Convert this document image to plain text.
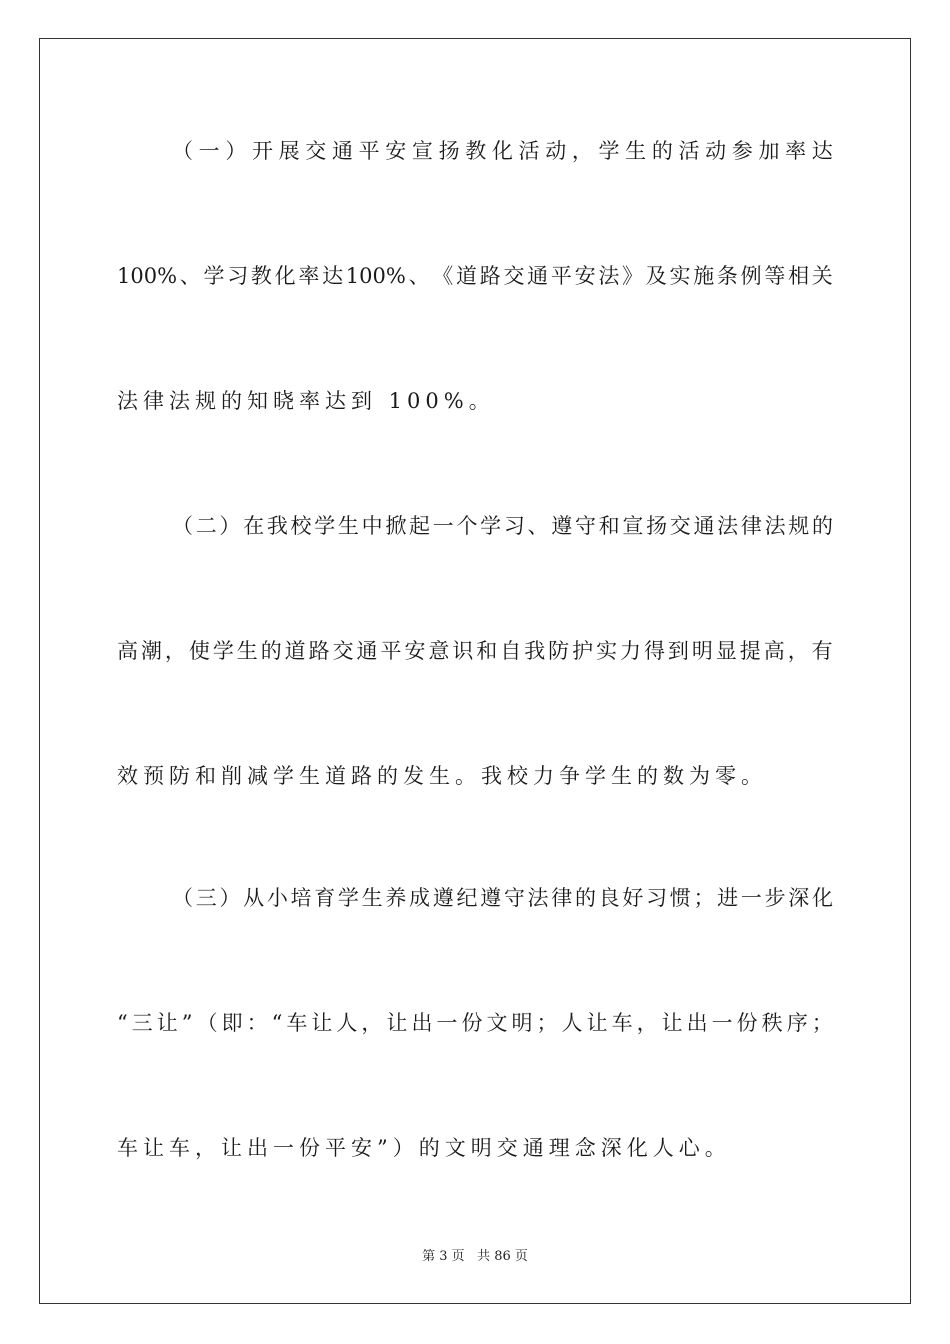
（ 一 ） 开 展 交 通 平 安 宣 扬 教 化 活 动 ， 学 生 的 活 动 参 加 率 达
100% 、 学 习 教 化 率 达 100% 、 《 道 路 交 通 平 安 法 》 及 实 施 条 例 等 相 关
法律法规的知晓率达到 100%。
（ 二 ） 在 我 校 学 生 中 掀 起 一 个 学 习 、 遵 守 和 宣 扬 交 通 法 律 法 规 的
高 潮 ， 使 学 生 的 道 路 交 通 平 安 意 识 和 自 我 防 护 实 力 得 到 明 显 提 高 ， 有
效预防和削减学生道路的发生。我校力争学生的数为零。
（ 三 ） 从 小 培 育 学 生 养 成 遵 纪 遵 守 法 律 的 良 好 习 惯 ； 进 一 步 深 化
“ 三 让 ” （ 即 ： “ 车 让 人 ， 让 出 一 份 文 明 ； 人 让 车 ， 让 出 一 份 秩 序 ；
车让车，让出一份平安”）的文明交通理念深化人心。
第 3 页 共 86 页
